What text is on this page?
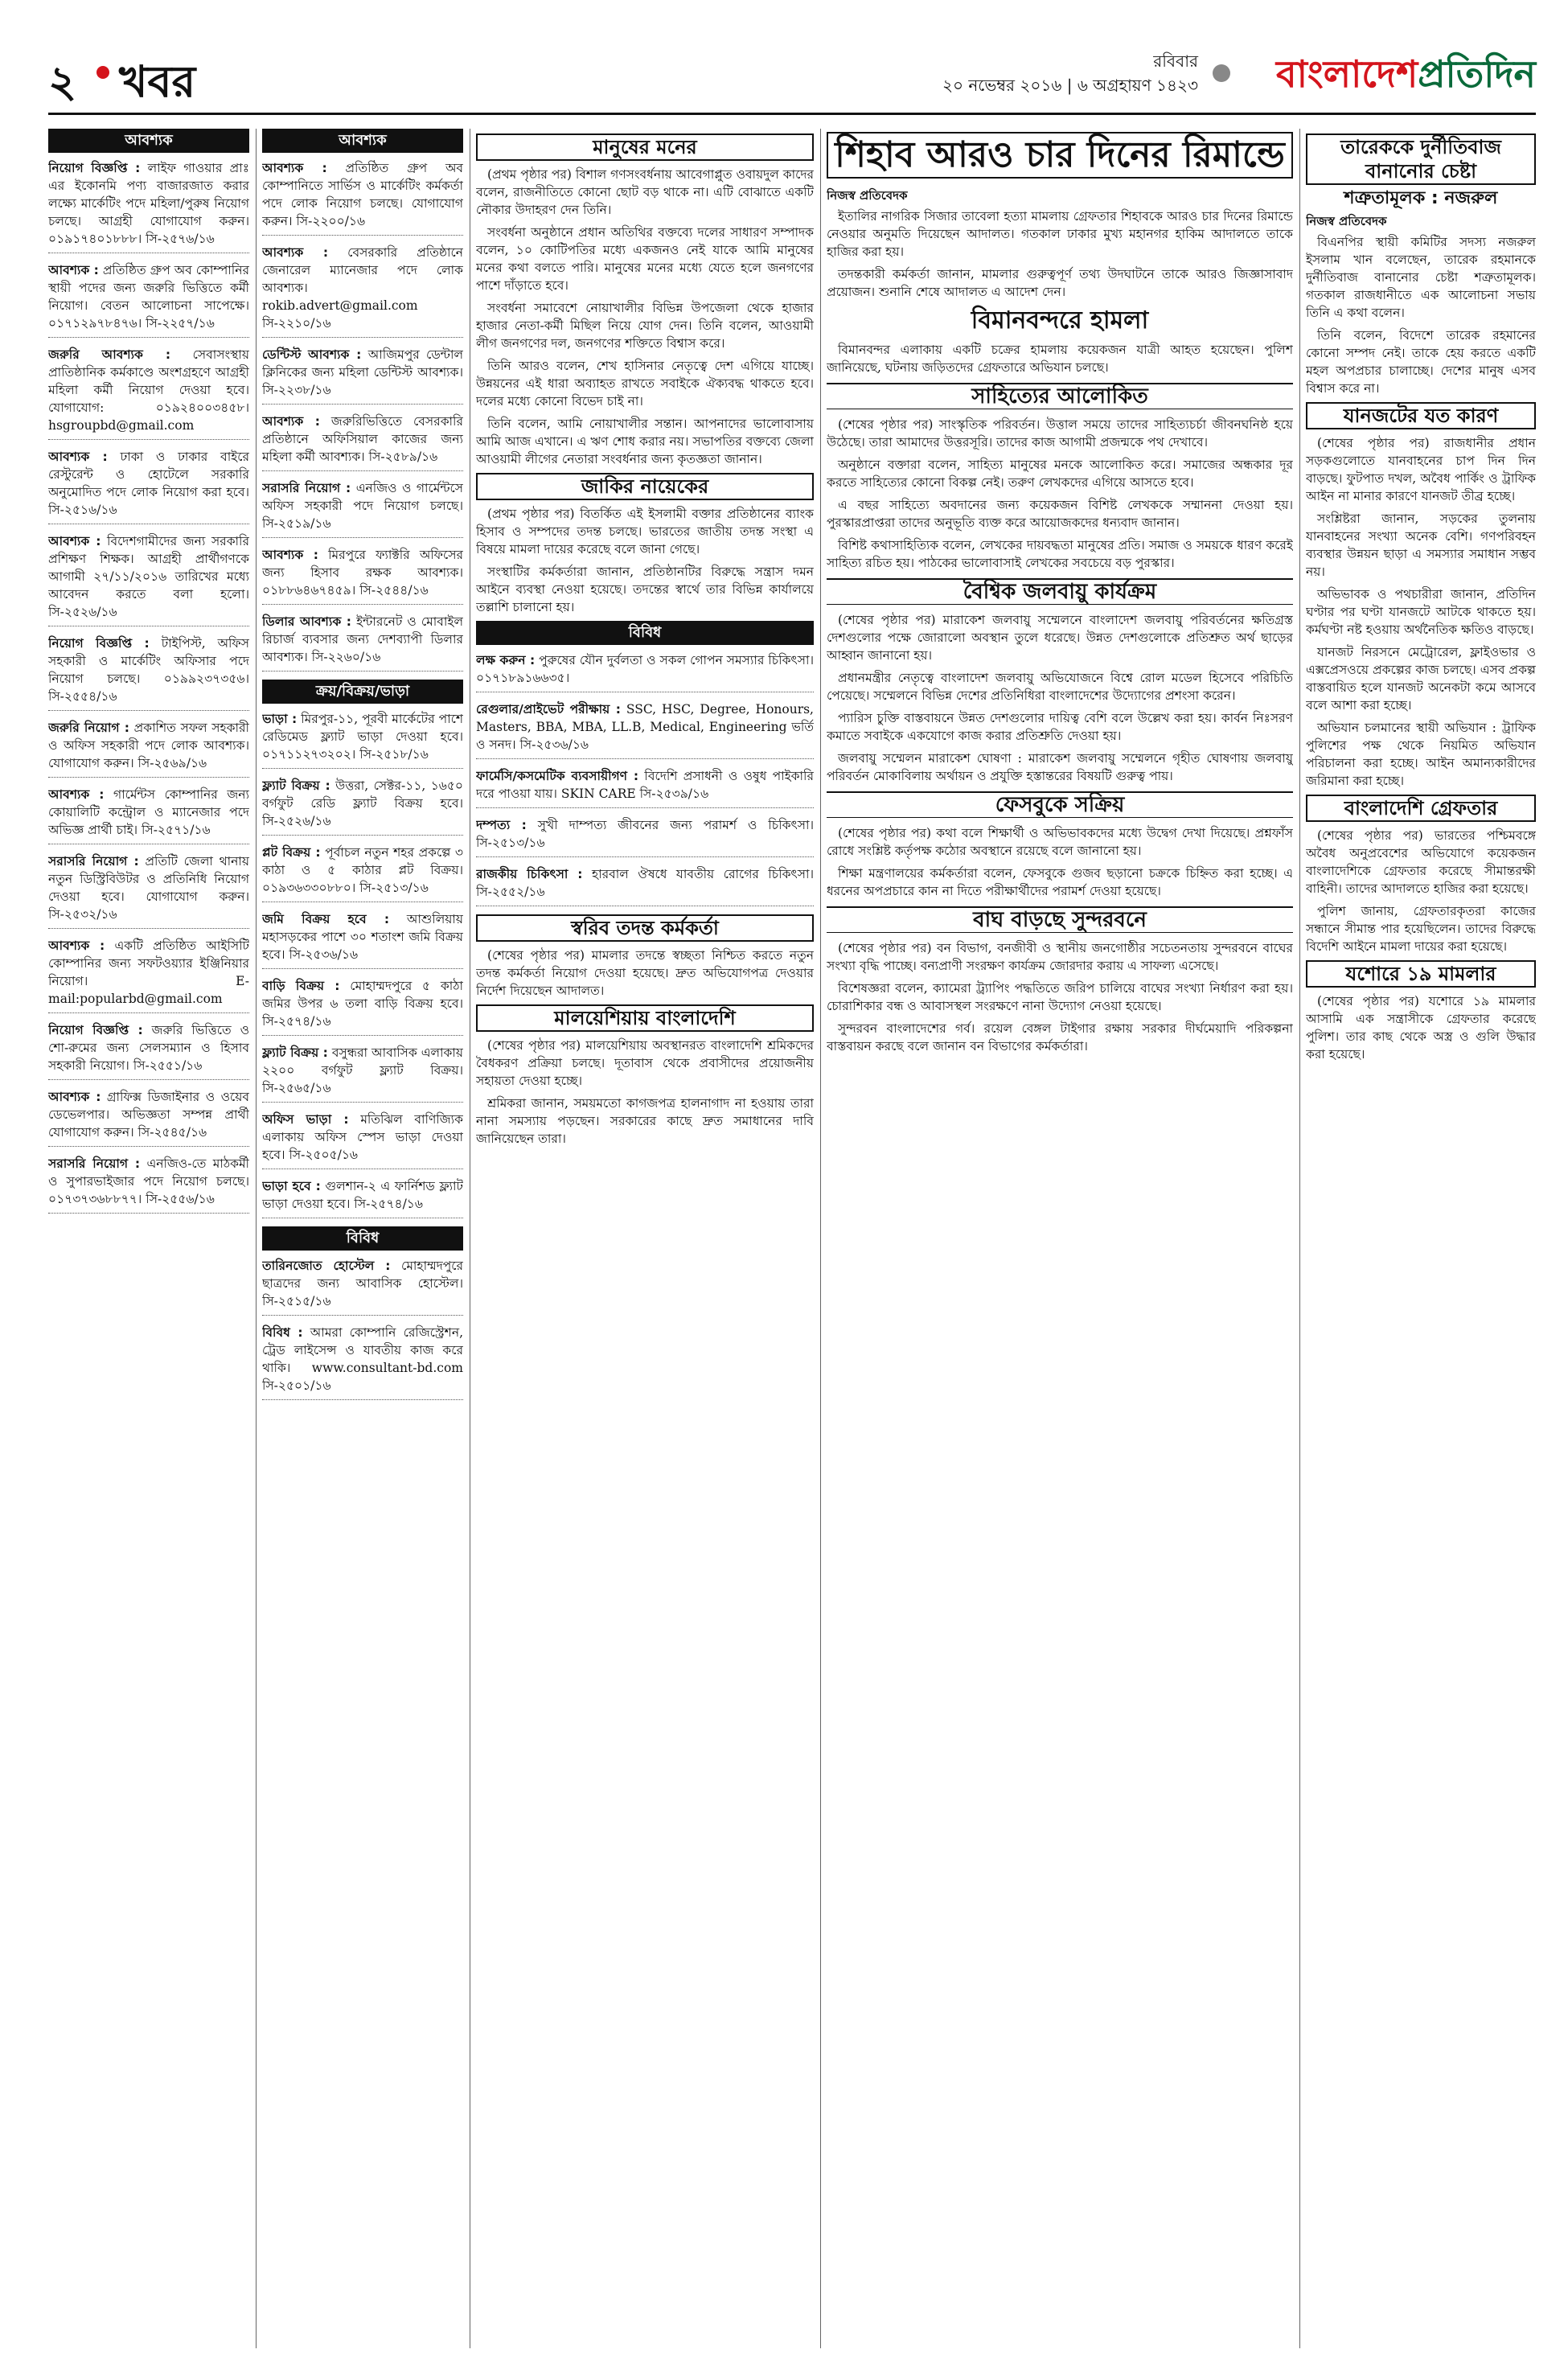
২ খবর	রবিবার
২০ নভেম্বর ২০১৬ | ৬ অগ্রহায়ণ ১৪২৩ বাংলাদেশপ্রতিদিন
আবশ্যক
নিয়োগ বিজ্ঞপ্তি : লাইফ গাওয়ার প্রাঃ এর ইকোনমি পণ্য বাজারজাত করার লক্ষ্যে মার্কেটিং পদে মহিলা/পুরুষ নিয়োগ চলছে। আগ্রহী যোগাযোগ করুন। ০১৯১৭৪০১৮৮৮। সি-২৫৭৬/১৬
আবশ্যক : প্রতিষ্ঠিত গ্রুপ অব কোম্পানির স্থায়ী পদের জন্য জরুরি ভিত্তিতে কর্মী নিয়োগ। বেতন আলোচনা সাপেক্ষে। ০১৭১২৯৭৮৪৭৬। সি-২২৫৭/১৬
জরুরি আবশ্যক : সেবাসংস্থায় প্রাতিষ্ঠানিক কর্মকাণ্ডে অংশগ্রহণে আগ্রহী মহিলা কর্মী নিয়োগ দেওয়া হবে। যোগাযোগ: ০১৯২৪০০৩৪৫৮। hsgroupbd@gmail.com
আবশ্যক : ঢাকা ও ঢাকার বাইরে রেস্টুরেন্ট ও হোটেলে সরকারি অনুমোদিত পদে লোক নিয়োগ করা হবে। সি-২৫১৬/১৬
আবশ্যক : বিদেশগামীদের জন্য সরকারি প্রশিক্ষণ শিক্ষক। আগ্রহী প্রার্থীগণকে আগামী ২৭/১১/২০১৬ তারিখের মধ্যে আবেদন করতে বলা হলো। সি-২৫২৬/১৬
নিয়োগ বিজ্ঞপ্তি : টাইপিস্ট, অফিস সহকারী ও মার্কেটিং অফিসার পদে নিয়োগ চলছে। ০১৯৯২৩৭৩৫৬। সি-২৫৫৪/১৬
জরুরি নিয়োগ : প্রকাশিত সফল সহকারী ও অফিস সহকারী পদে লোক আবশ্যক। যোগাযোগ করুন। সি-২৫৬৯/১৬
আবশ্যক : গার্মেন্টস কোম্পানির জন্য কোয়ালিটি কন্ট্রোল ও ম্যানেজার পদে অভিজ্ঞ প্রার্থী চাই। সি-২৫৭১/১৬
সরাসরি নিয়োগ : প্রতিটি জেলা থানায় নতুন ডিস্ট্রিবিউটর ও প্রতিনিধি নিয়োগ দেওয়া হবে। যোগাযোগ করুন। সি-২৫৩২/১৬
আবশ্যক : একটি প্রতিষ্ঠিত আইসিটি কোম্পানির জন্য সফটওয়্যার ইঞ্জিনিয়ার নিয়োগ। E-mail:popularbd@gmail.com
নিয়োগ বিজ্ঞপ্তি : জরুরি ভিত্তিতে ও শো-রুমের জন্য সেলসম্যান ও হিসাব সহকারী নিয়োগ। সি-২৫৫১/১৬
আবশ্যক : গ্রাফিক্স ডিজাইনার ও ওয়েব ডেভেলপার। অভিজ্ঞতা সম্পন্ন প্রার্থী যোগাযোগ করুন। সি-২৫৪৫/১৬
সরাসরি নিয়োগ : এনজিও-তে মাঠকর্মী ও সুপারভাইজার পদে নিয়োগ চলছে। ০১৭৩৭৩৬৮৮৭৭। সি-২৫৫৬/১৬
আবশ্যক
আবশ্যক : প্রতিষ্ঠিত গ্রুপ অব কোম্পানিতে সার্ভিস ও মার্কেটিং কর্মকর্তা পদে লোক নিয়োগ চলছে। যোগাযোগ করুন। সি-২২০০/১৬
আবশ্যক : বেসরকারি প্রতিষ্ঠানে জেনারেল ম্যানেজার পদে লোক আবশ্যক। rokib.advert@gmail.com সি-২২১০/১৬
ডেন্টিস্ট আবশ্যক : আজিমপুর ডেন্টাল ক্লিনিকের জন্য মহিলা ডেন্টিস্ট আবশ্যক। সি-২২৩৮/১৬
আবশ্যক : জরুরিভিত্তিতে বেসরকারি প্রতিষ্ঠানে অফিসিয়াল কাজের জন্য মহিলা কর্মী আবশ্যক। সি-২৫৮৯/১৬
সরাসরি নিয়োগ : এনজিও ও গার্মেন্টসে অফিস সহকারী পদে নিয়োগ চলছে। সি-২৫১৯/১৬
আবশ্যক : মিরপুরে ফ্যাক্টরি অফিসের জন্য হিসাব রক্ষক আবশ্যক। ০১৮৮৬৪৬৭৪৫৯। সি-২৫৪৪/১৬
ডিলার আবশ্যক : ইন্টারনেট ও মোবাইল রিচার্জ ব্যবসার জন্য দেশব্যাপী ডিলার আবশ্যক। সি-২২৬০/১৬
ক্রয়/বিক্রয়/ভাড়া
ভাড়া : মিরপুর-১১, পূরবী মার্কেটের পাশে রেডিমেড ফ্ল্যাট ভাড়া দেওয়া হবে। ০১৭১১২৭৩২০২। সি-২৫১৮/১৬
ফ্ল্যাট বিক্রয় : উত্তরা, সেক্টর-১১, ১৬৫০ বর্গফুট রেডি ফ্ল্যাট বিক্রয় হবে। সি-২৫২৬/১৬
প্লট বিক্রয় : পূর্বাচল নতুন শহর প্রকল্পে ৩ কাঠা ও ৫ কাঠার প্লট বিক্রয়। ০১৯৩৬৩৩০৮৮০। সি-২৫১৩/১৬
জমি বিক্রয় হবে : আশুলিয়ায় মহাসড়কের পাশে ৩০ শতাংশ জমি বিক্রয় হবে। সি-২৫৩৬/১৬
বাড়ি বিক্রয় : মোহাম্মদপুরে ৫ কাঠা জমির উপর ৬ তলা বাড়ি বিক্রয় হবে। সি-২৫৭৪/১৬
ফ্ল্যাট বিক্রয় : বসুন্ধরা আবাসিক এলাকায় ২২০০ বর্গফুট ফ্ল্যাট বিক্রয়। সি-২৫৬৫/১৬
অফিস ভাড়া : মতিঝিল বাণিজ্যিক এলাকায় অফিস স্পেস ভাড়া দেওয়া হবে। সি-২৫০৫/১৬
ভাড়া হবে : গুলশান-২ এ ফার্নিশড ফ্ল্যাট ভাড়া দেওয়া হবে। সি-২৫৭৪/১৬
বিবিধ
তারিনজোত হোস্টেল : মোহাম্মদপুরে ছাত্রদের জন্য আবাসিক হোস্টেল। সি-২৫১৫/১৬
বিবিধ : আমরা কোম্পানি রেজিস্ট্রেশন, ট্রেড লাইসেন্স ও যাবতীয় কাজ করে থাকি। www.consultant-bd.com সি-২৫০১/১৬
মানুষের মনের

(প্রথম পৃষ্ঠার পর) বিশাল গণসংবর্ধনায় আবেগাপ্লুত ওবায়দুল কাদের বলেন, রাজনীতিতে কোনো ছোট বড় থাকে না। এটি বোঝাতে একটি নৌকার উদাহরণ দেন তিনি।

সংবর্ধনা অনুষ্ঠানে প্রধান অতিথির বক্তব্যে দলের সাধারণ সম্পাদক বলেন, ১০ কোটিপতির মধ্যে একজনও নেই যাকে আমি মানুষের মনের কথা বলতে পারি। মানুষের মনের মধ্যে যেতে হলে জনগণের পাশে দাঁড়াতে হবে।

সংবর্ধনা সমাবেশে নোয়াখালীর বিভিন্ন উপজেলা থেকে হাজার হাজার নেতা-কর্মী মিছিল নিয়ে যোগ দেন। তিনি বলেন, আওয়ামী লীগ জনগণের দল, জনগণের শক্তিতে বিশ্বাস করে।

তিনি আরও বলেন, শেখ হাসিনার নেতৃত্বে দেশ এগিয়ে যাচ্ছে। উন্নয়নের এই ধারা অব্যাহত রাখতে সবাইকে ঐক্যবদ্ধ থাকতে হবে। দলের মধ্যে কোনো বিভেদ চাই না।

তিনি বলেন, আমি নোয়াখালীর সন্তান। আপনাদের ভালোবাসায় আমি আজ এখানে। এ ঋণ শোধ করার নয়। সভাপতির বক্তব্যে জেলা আওয়ামী লীগের নেতারা সংবর্ধনার জন্য কৃতজ্ঞতা জানান।

জাকির নায়েকের

(প্রথম পৃষ্ঠার পর) বিতর্কিত এই ইসলামী বক্তার প্রতিষ্ঠানের ব্যাংক হিসাব ও সম্পদের তদন্ত চলছে। ভারতের জাতীয় তদন্ত সংস্থা এ বিষয়ে মামলা দায়ের করেছে বলে জানা গেছে।

সংস্থাটির কর্মকর্তারা জানান, প্রতিষ্ঠানটির বিরুদ্ধে সন্ত্রাস দমন আইনে ব্যবস্থা নেওয়া হয়েছে। তদন্তের স্বার্থে তার বিভিন্ন কার্যালয়ে তল্লাশি চালানো হয়।

বিবিধ
লক্ষ করুন : পুরুষের যৌন দুর্বলতা ও সকল গোপন সমস্যার চিকিৎসা। ০১৭১৮৯১৬৬৩৫।
রেগুলার/প্রাইভেট পরীক্ষায় : SSC, HSC, Degree, Honours, Masters, BBA, MBA, LL.B, Medical, Engineering ভর্তি ও সনদ। সি-২৫৩৬/১৬
ফার্মেসি/কসমেটিক ব্যবসায়ীগণ : বিদেশি প্রসাধনী ও ওষুধ পাইকারি দরে পাওয়া যায়। SKIN CARE সি-২৫৩৯/১৬
দম্পত্য : সুখী দাম্পত্য জীবনের জন্য পরামর্শ ও চিকিৎসা। সি-২৫১৩/১৬
রাজকীয় চিকিৎসা : হারবাল ঔষধে যাবতীয় রোগের চিকিৎসা। সি-২৫৫২/১৬
স্বরিব তদন্ত কর্মকর্তা

(শেষের পৃষ্ঠার পর) মামলার তদন্তে স্বচ্ছতা নিশ্চিত করতে নতুন তদন্ত কর্মকর্তা নিয়োগ দেওয়া হয়েছে। দ্রুত অভিযোগপত্র দেওয়ার নির্দেশ দিয়েছেন আদালত।

মালয়েশিয়ায় বাংলাদেশি

(শেষের পৃষ্ঠার পর) মালয়েশিয়ায় অবস্থানরত বাংলাদেশি শ্রমিকদের বৈধকরণ প্রক্রিয়া চলছে। দূতাবাস থেকে প্রবাসীদের প্রয়োজনীয় সহায়তা দেওয়া হচ্ছে।

শ্রমিকরা জানান, সময়মতো কাগজপত্র হালনাগাদ না হওয়ায় তারা নানা সমস্যায় পড়ছেন। সরকারের কাছে দ্রুত সমাধানের দাবি জানিয়েছেন তারা।

শিহাব আরও চার দিনের রিমান্ডে
নিজস্ব প্রতিবেদক

ইতালির নাগরিক সিজার তাবেলা হত্যা মামলায় গ্রেফতার শিহাবকে আরও চার দিনের রিমান্ডে নেওয়ার অনুমতি দিয়েছেন আদালত। গতকাল ঢাকার মুখ্য মহানগর হাকিম আদালতে তাকে হাজির করা হয়।

তদন্তকারী কর্মকর্তা জানান, মামলার গুরুত্বপূর্ণ তথ্য উদঘাটনে তাকে আরও জিজ্ঞাসাবাদ প্রয়োজন। শুনানি শেষে আদালত এ আদেশ দেন।

বিমানবন্দরে হামলা

বিমানবন্দর এলাকায় একটি চক্রের হামলায় কয়েকজন যাত্রী আহত হয়েছেন। পুলিশ জানিয়েছে, ঘটনায় জড়িতদের গ্রেফতারে অভিযান চলছে।

সাহিত্যের আলোকিত

(শেষের পৃষ্ঠার পর) সাংস্কৃতিক পরিবর্তন। উত্তাল সময়ে তাদের সাহিত্যচর্চা জীবনঘনিষ্ঠ হয়ে উঠেছে। তারা আমাদের উত্তরসূরি। তাদের কাজ আগামী প্রজন্মকে পথ দেখাবে।

অনুষ্ঠানে বক্তারা বলেন, সাহিত্য মানুষের মনকে আলোকিত করে। সমাজের অন্ধকার দূর করতে সাহিত্যের কোনো বিকল্প নেই। তরুণ লেখকদের এগিয়ে আসতে হবে।

এ বছর সাহিত্যে অবদানের জন্য কয়েকজন বিশিষ্ট লেখককে সম্মাননা দেওয়া হয়। পুরস্কারপ্রাপ্তরা তাদের অনুভূতি ব্যক্ত করে আয়োজকদের ধন্যবাদ জানান।

বিশিষ্ট কথাসাহিত্যিক বলেন, লেখকের দায়বদ্ধতা মানুষের প্রতি। সমাজ ও সময়কে ধারণ করেই সাহিত্য রচিত হয়। পাঠকের ভালোবাসাই লেখকের সবচেয়ে বড় পুরস্কার।

বৈশ্বিক জলবায়ু কার্যক্রম

(শেষের পৃষ্ঠার পর) মারাকেশ জলবায়ু সম্মেলনে বাংলাদেশ জলবায়ু পরিবর্তনের ক্ষতিগ্রস্ত দেশগুলোর পক্ষে জোরালো অবস্থান তুলে ধরেছে। উন্নত দেশগুলোকে প্রতিশ্রুত অর্থ ছাড়ের আহ্বান জানানো হয়।

প্রধানমন্ত্রীর নেতৃত্বে বাংলাদেশ জলবায়ু অভিযোজনে বিশ্বে রোল মডেল হিসেবে পরিচিতি পেয়েছে। সম্মেলনে বিভিন্ন দেশের প্রতিনিধিরা বাংলাদেশের উদ্যোগের প্রশংসা করেন।

প্যারিস চুক্তি বাস্তবায়নে উন্নত দেশগুলোর দায়িত্ব বেশি বলে উল্লেখ করা হয়। কার্বন নিঃসরণ কমাতে সবাইকে একযোগে কাজ করার প্রতিশ্রুতি দেওয়া হয়।

জলবায়ু সম্মেলন মারাকেশ ঘোষণা : মারাকেশ জলবায়ু সম্মেলনে গৃহীত ঘোষণায় জলবায়ু পরিবর্তন মোকাবিলায় অর্থায়ন ও প্রযুক্তি হস্তান্তরের বিষয়টি গুরুত্ব পায়।

ফেসবুকে সক্রিয়

(শেষের পৃষ্ঠার পর) কথা বলে শিক্ষার্থী ও অভিভাবকদের মধ্যে উদ্বেগ দেখা দিয়েছে। প্রশ্নফাঁস রোধে সংশ্লিষ্ট কর্তৃপক্ষ কঠোর অবস্থানে রয়েছে বলে জানানো হয়।

শিক্ষা মন্ত্রণালয়ের কর্মকর্তারা বলেন, ফেসবুকে গুজব ছড়ানো চক্রকে চিহ্নিত করা হচ্ছে। এ ধরনের অপপ্রচারে কান না দিতে পরীক্ষার্থীদের পরামর্শ দেওয়া হয়েছে।

বাঘ বাড়ছে সুন্দরবনে

(শেষের পৃষ্ঠার পর) বন বিভাগ, বনজীবী ও স্থানীয় জনগোষ্ঠীর সচেতনতায় সুন্দরবনে বাঘের সংখ্যা বৃদ্ধি পাচ্ছে। বন্যপ্রাণী সংরক্ষণ কার্যক্রম জোরদার করায় এ সাফল্য এসেছে।

বিশেষজ্ঞরা বলেন, ক্যামেরা ট্র্যাপিং পদ্ধতিতে জরিপ চালিয়ে বাঘের সংখ্যা নির্ধারণ করা হয়। চোরাশিকার বন্ধ ও আবাসস্থল সংরক্ষণে নানা উদ্যোগ নেওয়া হয়েছে।

সুন্দরবন বাংলাদেশের গর্ব। রয়েল বেঙ্গল টাইগার রক্ষায় সরকার দীর্ঘমেয়াদি পরিকল্পনা বাস্তবায়ন করছে বলে জানান বন বিভাগের কর্মকর্তারা।

তারেককে দুর্নীতিবাজ বানানোর চেষ্টা
শত্রুতামূলক : নজরুল
নিজস্ব প্রতিবেদক

বিএনপির স্থায়ী কমিটির সদস্য নজরুল ইসলাম খান বলেছেন, তারেক রহমানকে দুর্নীতিবাজ বানানোর চেষ্টা শত্রুতামূলক। গতকাল রাজধানীতে এক আলোচনা সভায় তিনি এ কথা বলেন।

তিনি বলেন, বিদেশে তারেক রহমানের কোনো সম্পদ নেই। তাকে হেয় করতে একটি মহল অপপ্রচার চালাচ্ছে। দেশের মানুষ এসব বিশ্বাস করে না।

যানজটের যত কারণ

(শেষের পৃষ্ঠার পর) রাজধানীর প্রধান সড়কগুলোতে যানবাহনের চাপ দিন দিন বাড়ছে। ফুটপাত দখল, অবৈধ পার্কিং ও ট্রাফিক আইন না মানার কারণে যানজট তীব্র হচ্ছে।

সংশ্লিষ্টরা জানান, সড়কের তুলনায় যানবাহনের সংখ্যা অনেক বেশি। গণপরিবহন ব্যবস্থার উন্নয়ন ছাড়া এ সমস্যার সমাধান সম্ভব নয়।

অভিভাবক ও পথচারীরা জানান, প্রতিদিন ঘণ্টার পর ঘণ্টা যানজটে আটকে থাকতে হয়। কর্মঘণ্টা নষ্ট হওয়ায় অর্থনৈতিক ক্ষতিও বাড়ছে।

যানজট নিরসনে মেট্রোরেল, ফ্লাইওভার ও এক্সপ্রেসওয়ে প্রকল্পের কাজ চলছে। এসব প্রকল্প বাস্তবায়িত হলে যানজট অনেকটা কমে আসবে বলে আশা করা হচ্ছে।

অভিযান চলমানের স্থায়ী অভিযান : ট্রাফিক পুলিশের পক্ষ থেকে নিয়মিত অভিযান পরিচালনা করা হচ্ছে। আইন অমান্যকারীদের জরিমানা করা হচ্ছে।

বাংলাদেশি গ্রেফতার

(শেষের পৃষ্ঠার পর) ভারতের পশ্চিমবঙ্গে অবৈধ অনুপ্রবেশের অভিযোগে কয়েকজন বাংলাদেশিকে গ্রেফতার করেছে সীমান্তরক্ষী বাহিনী। তাদের আদালতে হাজির করা হয়েছে।

পুলিশ জানায়, গ্রেফতারকৃতরা কাজের সন্ধানে সীমান্ত পার হয়েছিলেন। তাদের বিরুদ্ধে বিদেশি আইনে মামলা দায়ের করা হয়েছে।

যশোরে ১৯ মামলার

(শেষের পৃষ্ঠার পর) যশোরে ১৯ মামলার আসামি এক সন্ত্রাসীকে গ্রেফতার করেছে পুলিশ। তার কাছ থেকে অস্ত্র ও গুলি উদ্ধার করা হয়েছে।
